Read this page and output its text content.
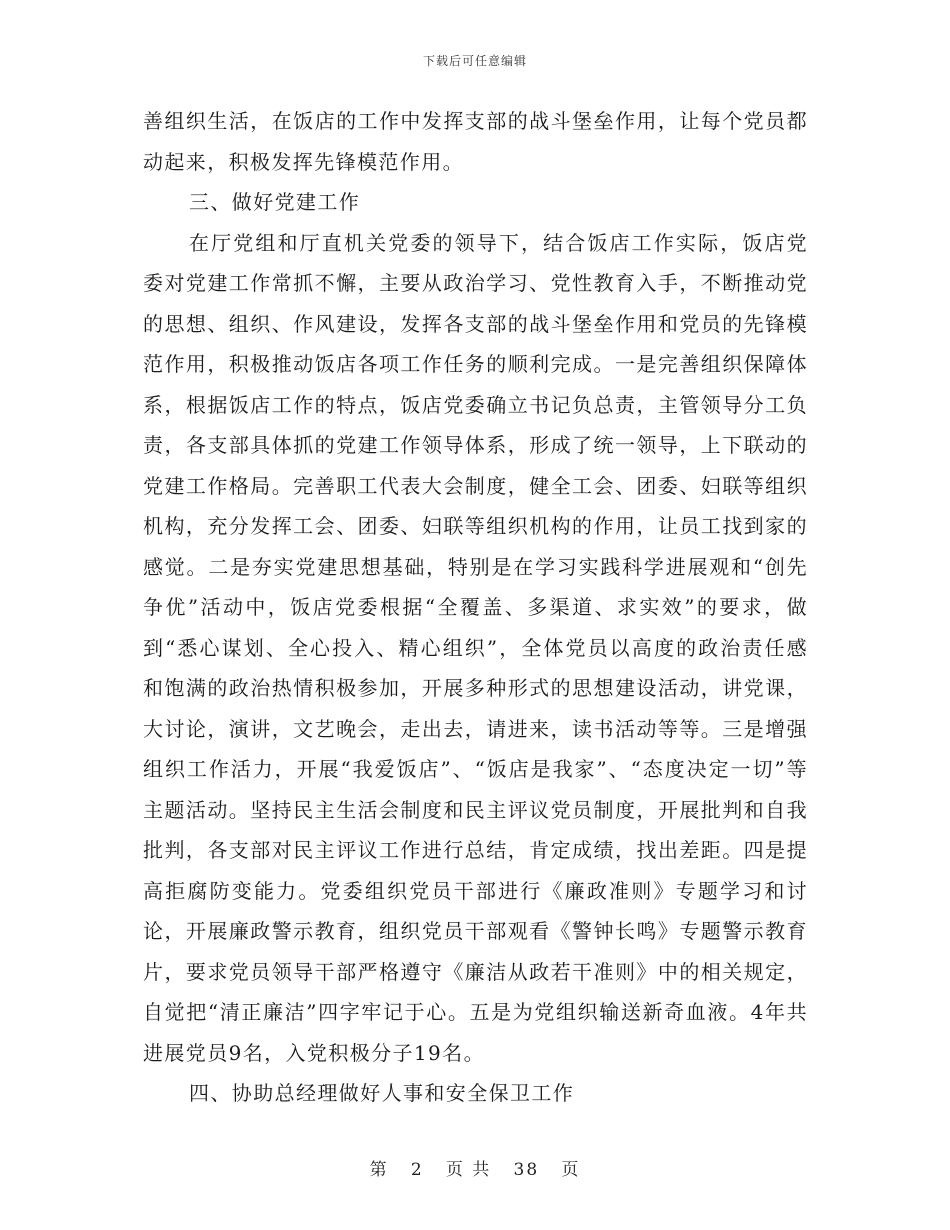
下载后可任意编辑

善组织生活，在饭店的工作中发挥支部的战斗堡垒作用，让每个党员都动起来，积极发挥先锋模范作用。

三、做好党建工作

在厅党组和厅直机关党委的领导下，结合饭店工作实际，饭店党委对党建工作常抓不懈，主要从政治学习、党性教育入手，不断推动党的思想、组织、作风建设，发挥各支部的战斗堡垒作用和党员的先锋模范作用，积极推动饭店各项工作任务的顺利完成。一是完善组织保障体系，根据饭店工作的特点，饭店党委确立书记负总责，主管领导分工负责，各支部具体抓的党建工作领导体系，形成了统一领导，上下联动的党建工作格局。完善职工代表大会制度，健全工会、团委、妇联等组织机构，充分发挥工会、团委、妇联等组织机构的作用，让员工找到家的感觉。二是夯实党建思想基础，特别是在学习实践科学进展观和“创先争优”活动中，饭店党委根据“全覆盖、多渠道、求实效”的要求，做到“悉心谋划、全心投入、精心组织”，全体党员以高度的政治责任感和饱满的政治热情积极参加，开展多种形式的思想建设活动，讲党课，大讨论，演讲，文艺晚会，走出去，请进来，读书活动等等。三是增强组织工作活力，开展“我爱饭店”、“饭店是我家”、“态度决定一切”等主题活动。坚持民主生活会制度和民主评议党员制度，开展批判和自我批判，各支部对民主评议工作进行总结，肯定成绩，找出差距。四是提高拒腐防变能力。党委组织党员干部进行《廉政准则》专题学习和讨论，开展廉政警示教育，组织党员干部观看《警钟长鸣》专题警示教育片，要求党员领导干部严格遵守《廉洁从政若干准则》中的相关规定，自觉把“清正廉洁”四字牢记于心。五是为党组织输送新奇血液。4年共进展党员9名，入党积极分子19名。

四、协助总经理做好人事和安全保卫工作

第 2 页 共 38 页
